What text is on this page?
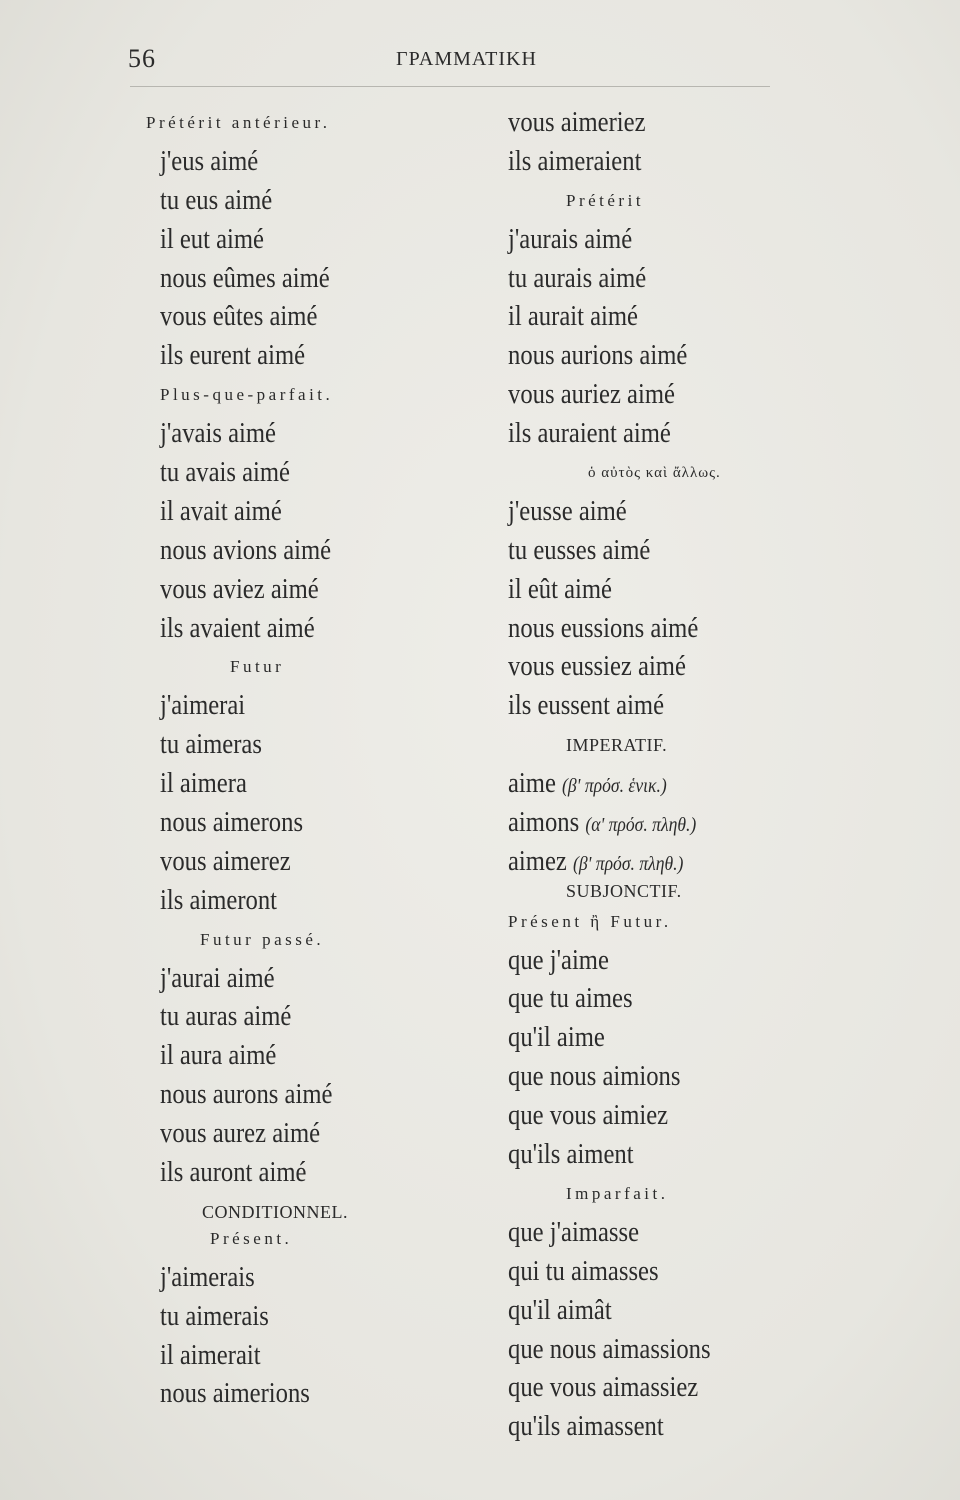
56	ΓΡΑΜΜΑΤΙΚΗ
Prétérit antérieur.
j'eus aimé
tu eus aimé
il eut aimé
nous eûmes aimé
vous eûtes aimé
ils eurent aimé
Plus-que-parfait.
j'avais aimé
tu avais aimé
il avait aimé
nous avions aimé
vous aviez aimé
ils avaient aimé
Futur
j'aimerai
tu aimeras
il aimera
nous aimerons
vous aimerez
ils aimeront
Futur passé.
j'aurai aimé
tu auras aimé
il aura aimé
nous aurons aimé
vous aurez aimé
ils auront aimé
CONDITIONNEL.
Présent.
j'aimerais
tu aimerais
il aimerait
nous aimerions
vous aimeriez
ils aimeraient
Prétérit
j'aurais aimé
tu aurais aimé
il aurait aimé
nous aurions aimé
vous auriez aimé
ils auraient aimé
ὁ αὐτὸς καὶ ἄλλως.
j'eusse aimé
tu eusses aimé
il eût aimé
nous eussions aimé
vous eussiez aimé
ils eussent aimé
IMPERATIF.
aime (β' πρόσ. ἑνικ.)
aimons (α' πρόσ. πληθ.)
aimez (β' πρόσ. πληθ.)
SUBJONCTIF.
Présent ἢ Futur.
que j'aime
que tu aimes
qu'il aime
que nous aimions
que vous aimiez
qu'ils aiment
Imparfait.
que j'aimasse
qui tu aimasses
qu'il aimât
que nous aimassions
que vous aimassiez
qu'ils aimassent
